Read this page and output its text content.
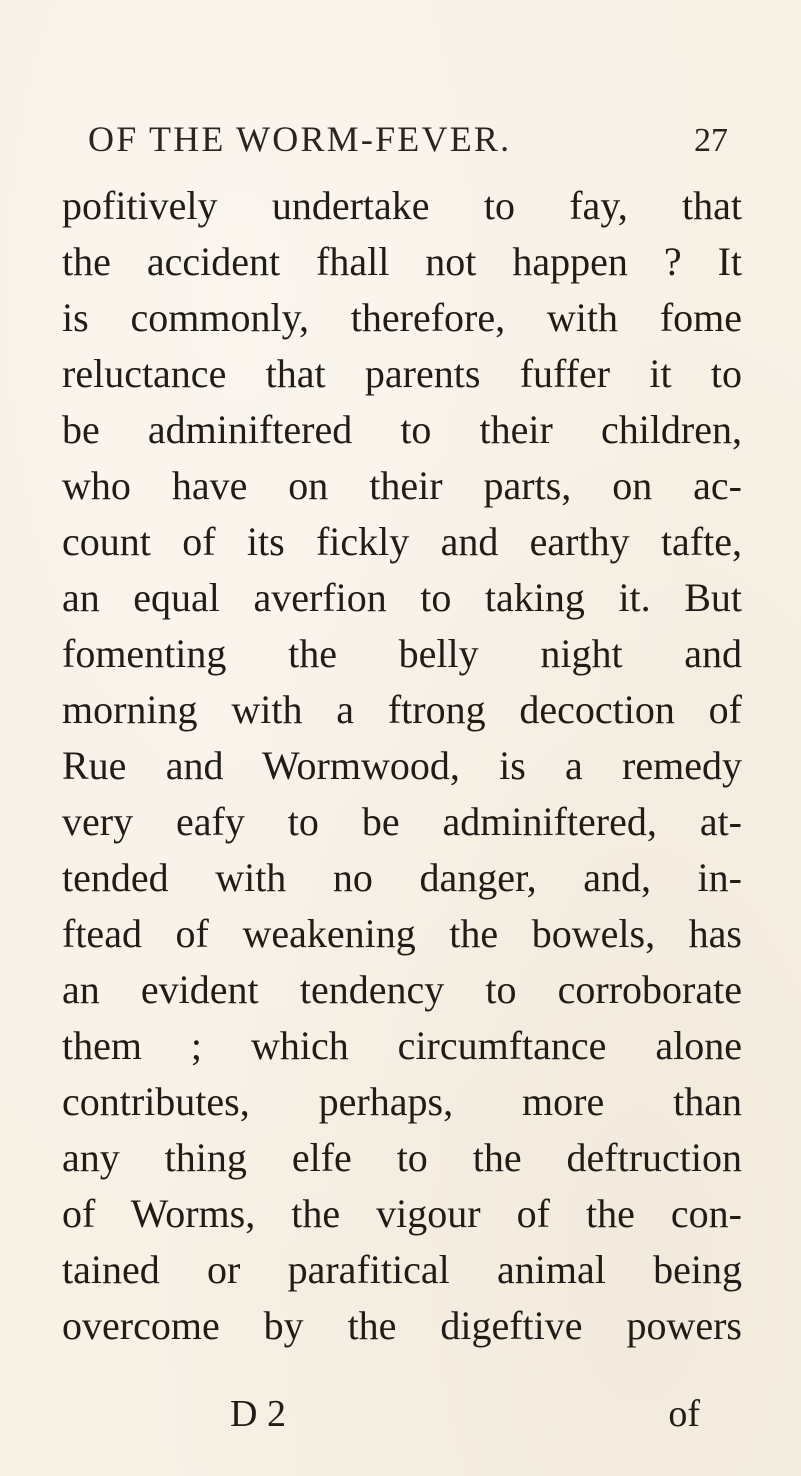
OF THE WORM-FEVER.	27
pofitively undertake to fay, that
the accident fhall not happen ? It
is commonly, therefore, with fome
reluctance that parents fuffer it to
be adminiftered to their children,
who have on their parts, on ac-
count of its fickly and earthy tafte,
an equal averfion to taking it. But
fomenting the belly night and
morning with a ftrong decoction of
Rue and Wormwood, is a remedy
very eafy to be adminiftered, at-
tended with no danger, and, in-
ftead of weakening the bowels, has
an evident tendency to corroborate
them ; which circumftance alone
contributes, perhaps, more than
any thing elfe to the deftruction
of Worms, the vigour of the con-
tained or parafitical animal being
overcome by the digeftive powers
D 2	of
